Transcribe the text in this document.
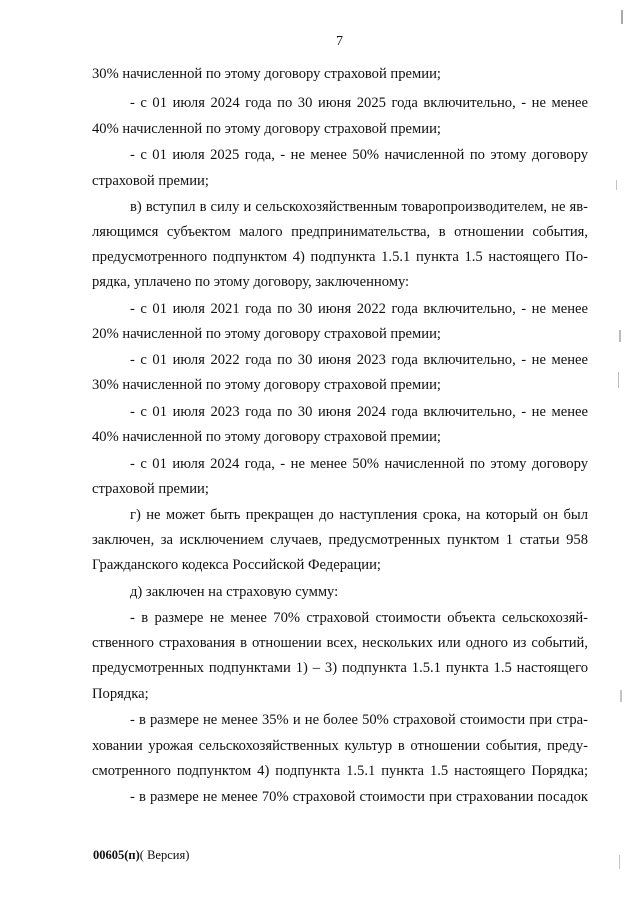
7
30% начисленной по этому договору страховой премии;
- с 01 июля 2024 года по 30 июня 2025 года включительно, - не менее
40% начисленной по этому договору страховой премии;
- с 01 июля 2025 года, - не менее 50% начисленной по этому договору
страховой премии;
в) вступил в силу и сельскохозяйственным товаропроизводителем, не яв-
ляющимся субъектом малого предпринимательства, в отношении события,
предусмотренного подпунктом 4) подпункта 1.5.1 пункта 1.5 настоящего По-
рядка, уплачено по этому договору, заключенному:
- с 01 июля 2021 года по 30 июня 2022 года включительно, - не менее
20% начисленной по этому договору страховой премии;
- с 01 июля 2022 года по 30 июня 2023 года включительно, - не менее
30% начисленной по этому договору страховой премии;
- с 01 июля 2023 года по 30 июня 2024 года включительно, - не менее
40% начисленной по этому договору страховой премии;
- с 01 июля 2024 года, - не менее 50% начисленной по этому договору
страховой премии;
г) не может быть прекращен до наступления срока, на который он был
заключен, за исключением случаев, предусмотренных пунктом 1 статьи 958
Гражданского кодекса Российской Федерации;
д) заключен на страховую сумму:
- в размере не менее 70% страховой стоимости объекта сельскохозяй-
ственного страхования в отношении всех, нескольких или одного из событий,
предусмотренных подпунктами 1) – 3) подпункта 1.5.1 пункта 1.5 настоящего
Порядка;
- в размере не менее 35% и не более 50% страховой стоимости при стра-
ховании урожая сельскохозяйственных культур в отношении события, преду-
смотренного подпунктом 4) подпункта 1.5.1 пункта 1.5 настоящего Порядка;
- в размере не менее 70% страховой стоимости при страховании посадок
00605(п)( Версия)
